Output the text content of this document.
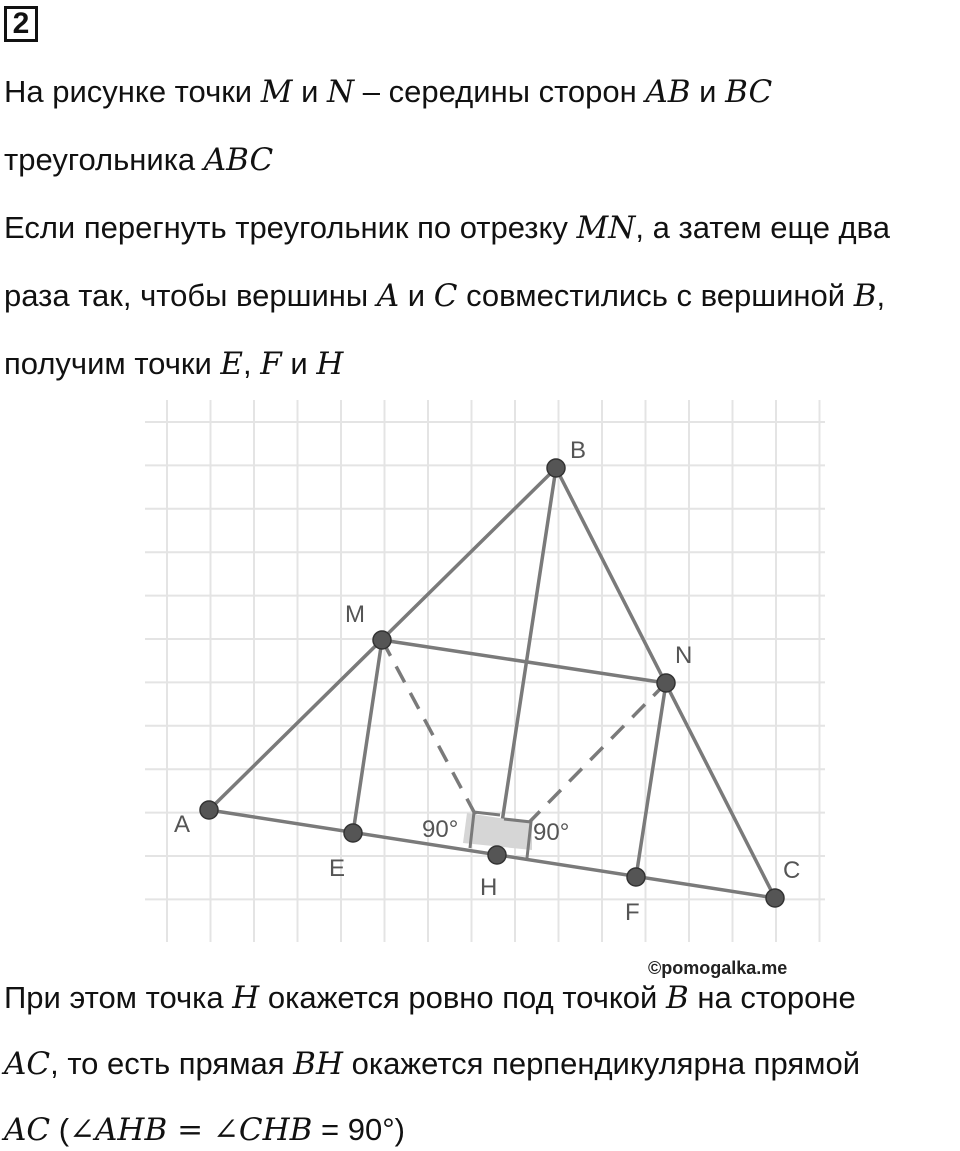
2
На рисунке точки M и N – середины сторон AB и BC
треугольника ABC
Если перегнуть треугольник по отрезку MN, а затем еще два
раза так, чтобы вершины A и C совместились с вершиной B,
получим точки E, F и H
A
B
C
M
N
E
F
H
90°	90°
©pomogalka.me
При этом точка H окажется ровно под точкой B на стороне
AC, то есть прямая BH окажется перпендикулярна прямой
AC (∠AHB = ∠CHB = 90°)
